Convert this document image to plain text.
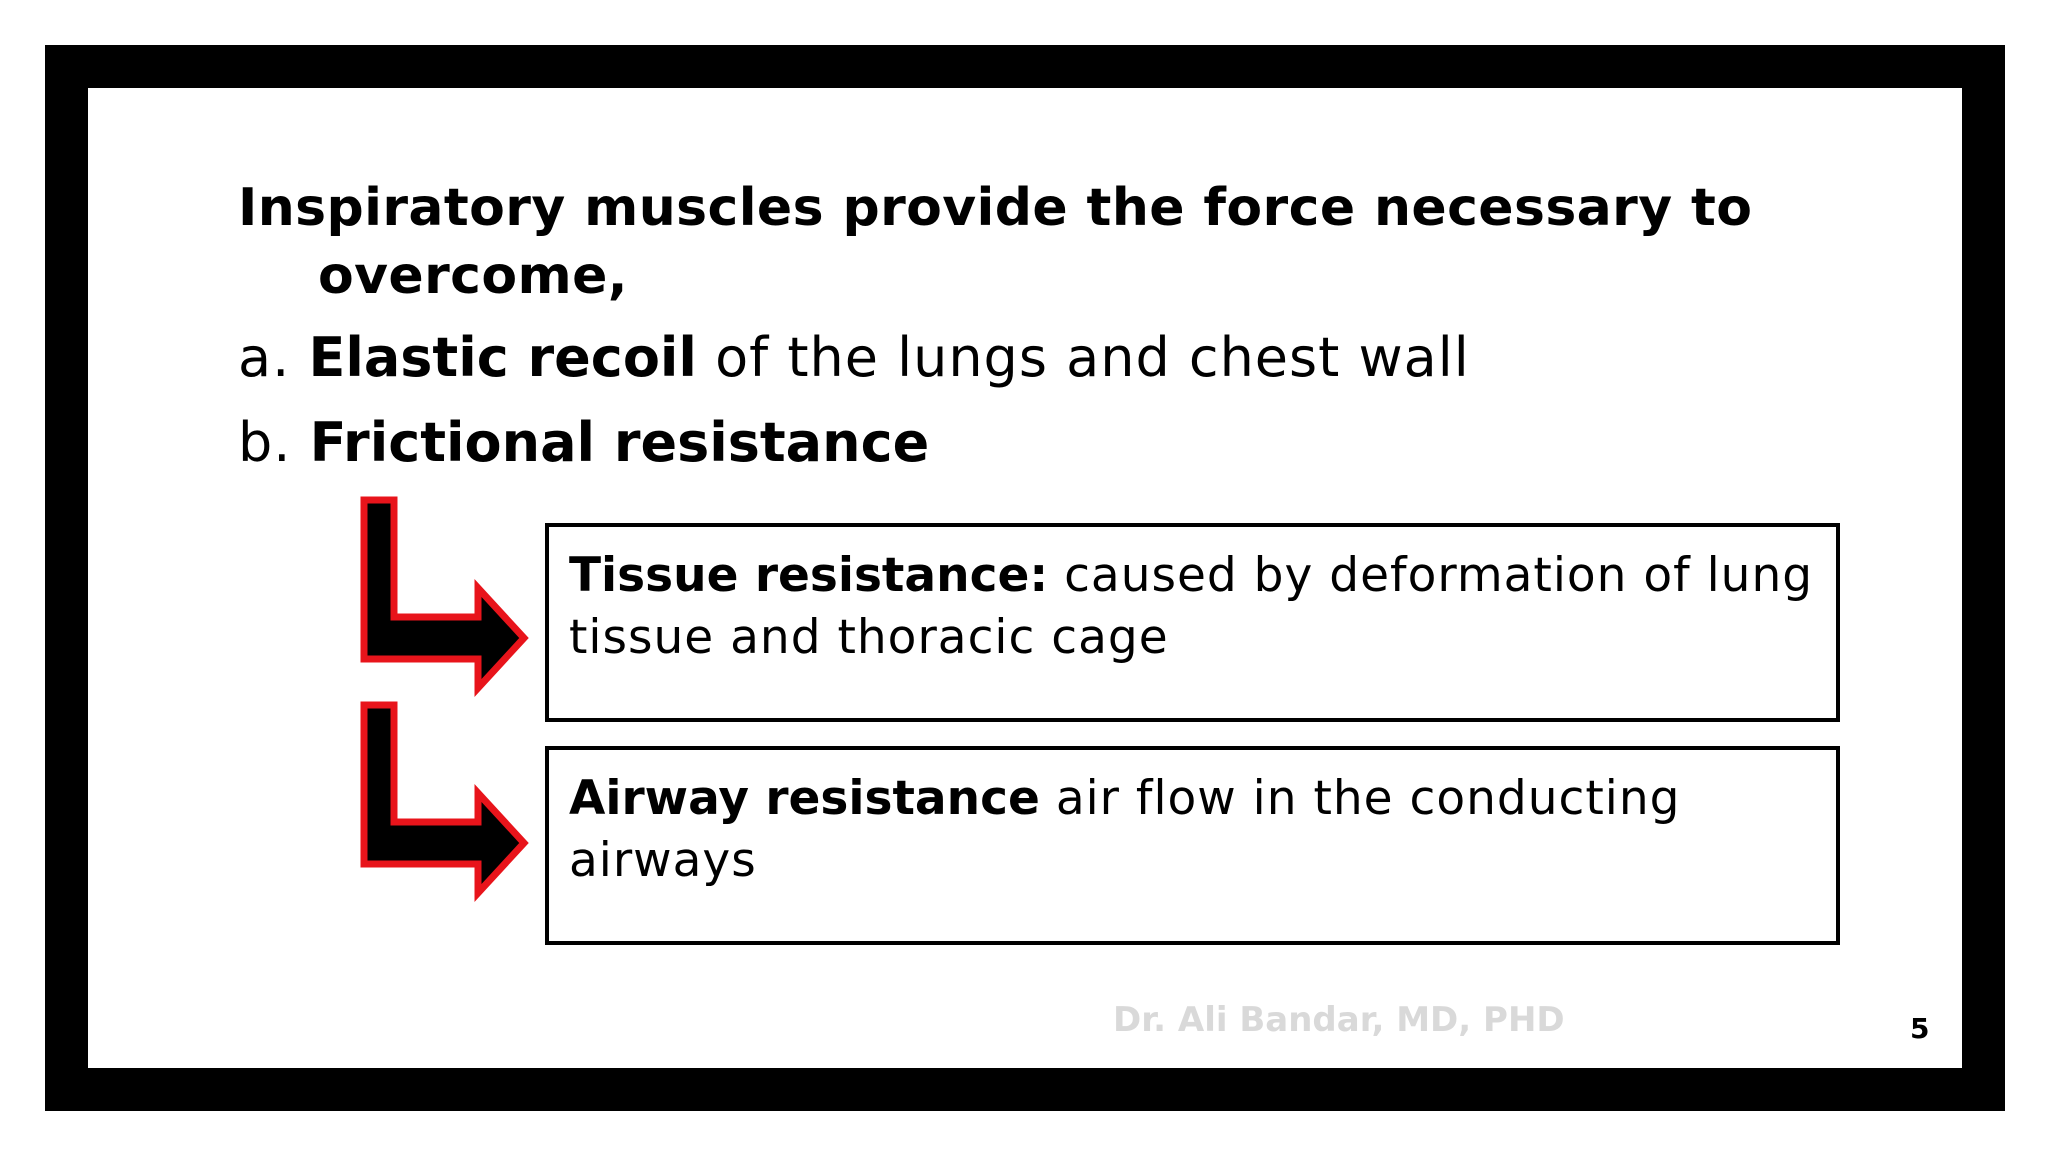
Inspiratory muscles provide the force necessary to overcome,
a. Elastic recoil of the lungs and chest wall
b. Frictional resistance
Tissue resistance: caused by deformation of lung tissue and thoracic cage
Airway resistance air flow in the conducting airways
Dr. Ali Bandar, MD, PHD	5
